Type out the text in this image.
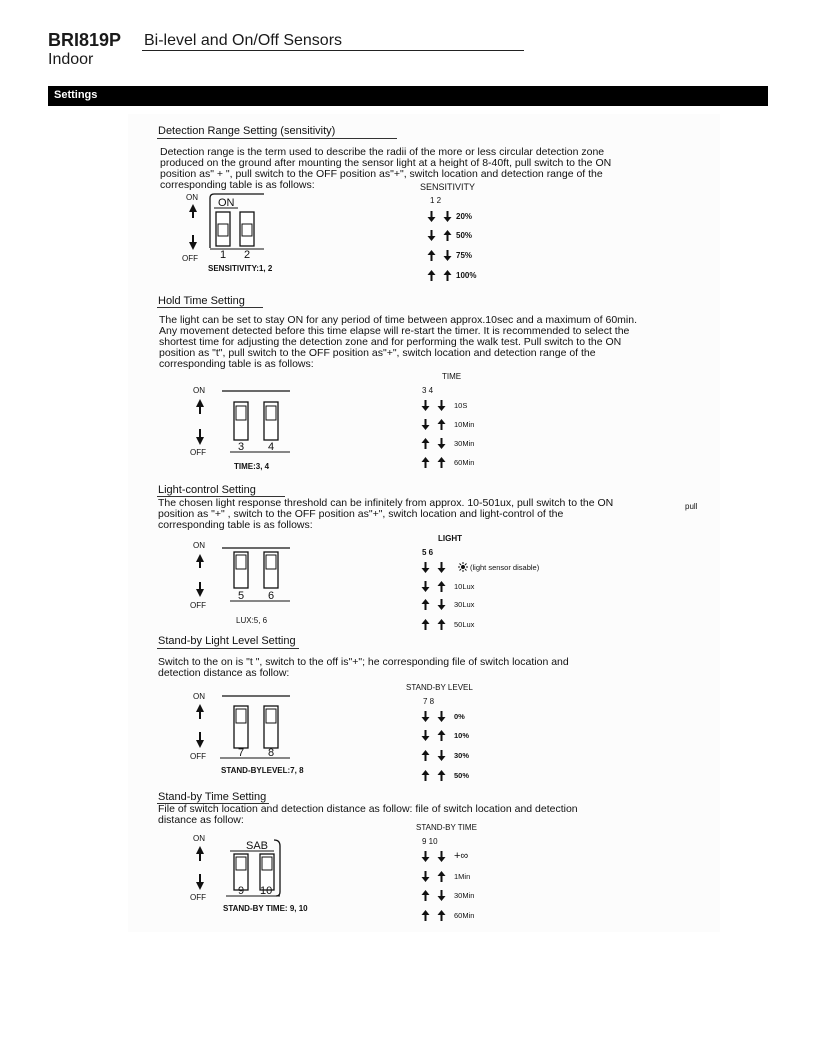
BRI819P Bi-level and On/Off Sensors
Indoor
Settings
Detection Range Setting (sensitivity)
Detection range is the term used to describe the radii of the more or less circular detection zone
produced on the ground after mounting the sensor light at a height of 8-40ft, pull switch to the ON
position as" + ", pull switch to the OFF position as"+", switch location and detection range of the
corresponding table is as follows:
ON
OFF
ON
1 2
SENSITIVITY:1, 2
SENSITIVITY
1 2
20%
50%
75%
100%
Hold Time Setting
The light can be set to stay ON for any period of time between approx.10sec and a maximum of 60min.
Any movement detected before this time elapse will re-start the timer. It is recommended to select the
shortest time for adjusting the detection zone and for performing the walk test. Pull switch to the ON
position as "t", pull switch to the OFF position as"+", switch location and detection range of the
corresponding table is as follows:
ON
OFF	3 4
TIME:3, 4
TIME
3 4
10S
10Min
30Min
60Min
Light-control Setting
The chosen light response threshold can be infinitely from approx. 10-501ux, pull switch to the ON
position as "+" , switch to the OFF position as"+", switch location and light-control of the
corresponding table is as follows:
pull
ON
OFF
5 6
LUX:5, 6
LIGHT
5 6
(light sensor disable)
10Lux
30Lux
50Lux
Stand-by Light Level Setting
Switch to the on is "t ", switch to the off is"+"; he corresponding file of switch location and
detection distance as follow:
ON
OFF	7 8
STAND-BYLEVEL:7, 8
STAND-BY LEVEL
7 8
0%
10%
30%
50%
Stand-by Time Setting
File of switch location and detection distance as follow: file of switch location and detection
distance as follow:
ON
OFF
SAB
9 10
STAND-BY TIME: 9, 10
STAND-BY TIME
9 10
+∞
1Min
30Min
60Min
